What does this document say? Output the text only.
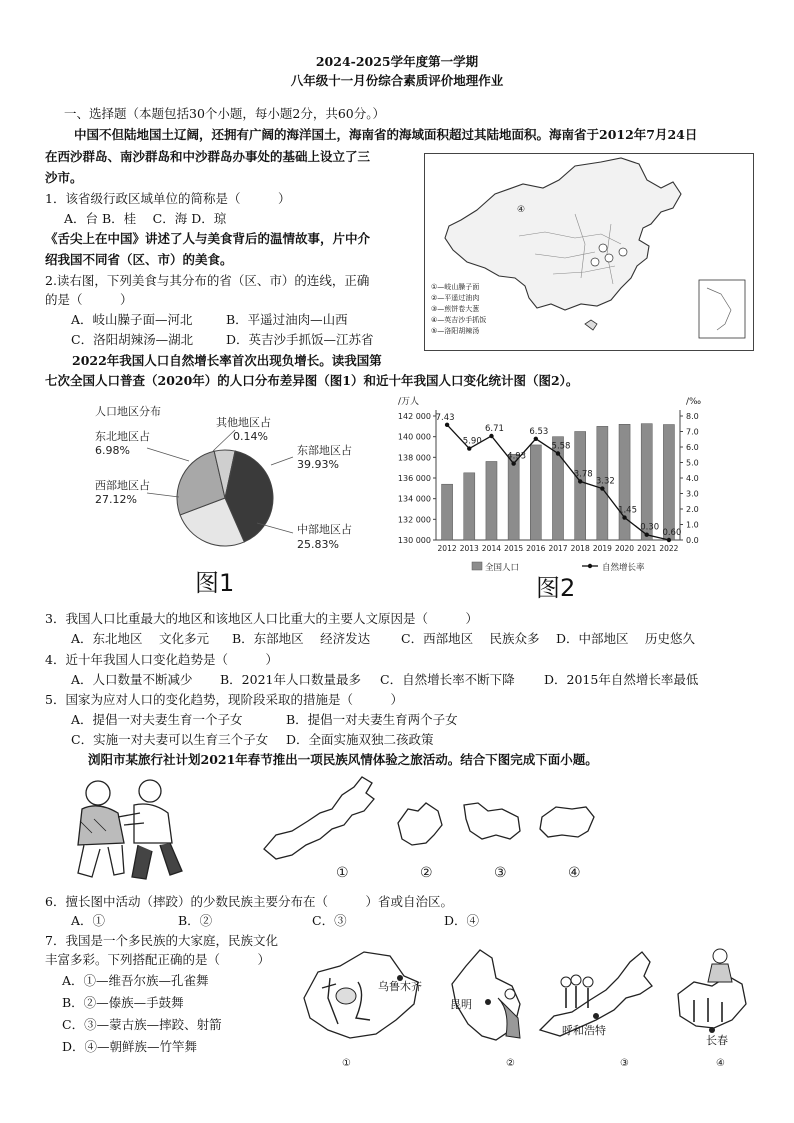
2024-2025学年度第一学期
八年级十一月份综合素质评价地理作业
一、选择题（本题包括30个小题，每小题2分，共60分。）
中国不但陆地国土辽阔，还拥有广阔的海洋国土，海南省的海域面积超过其陆地面积。海南省于2012年7月24日
在西沙群岛、南沙群岛和中沙群岛办事处的基础上设立了三
沙市。
1．该省级行政区域单位的简称是（　　　）
A．台 B．桂　 C．海 D．琼
《舌尖上在中国》讲述了人与美食背后的温情故事，片中介
绍我国不同省（区、市）的美食。
2.读右图，下列美食与其分布的省（区、市）的连线，正确
的是（　　　）
A．岐山臊子面—河北	B．平遥过油肉—山西
C．洛阳胡辣汤—湖北	D．英吉沙手抓饭—江苏省
2022年我国人口自然增长率首次出现负增长。读我国第
七次全国人口普查（2020年）的人口分布差异图（图1）和近十年我国人口变化统计图（图2）。
④
①—岐山臊子面
②—平遥过油肉
③—煎饼卷大葱
④—英吉沙手抓饭
⑤—洛阳胡辣汤
人口地区分布
其他地区占
0.14%
东北地区占
6.98%	东部地区占
39.93%
西部地区占
27.12%
中部地区占
25.83%
图1
/万人	/‰
130 000
132 000
134 000
136 000
138 000
140 000
142 000
0.0
1.0
2.0
3.0
4.0
5.0
6.0
7.0
8.0
2012 2013 2014 2015 2016 2017 2018 2019 2020 2021 2022
7.43
5.90
6.71
4.93
6.53
5.58
3.78
3.32
1.45
0.30
0.60
全国人口	自然增长率
图2
3．我国人口比重最大的地区和该地区人口比重大的主要人文原因是（　　　）
A．东北地区　 文化多元 B．东部地区　 经济发达 C．西部地区　 民族众多 D．中部地区　 历史悠久
4．近十年我国人口变化趋势是（　　　）
A．人口数量不断减少 B．2021年人口数量最多 C．自然增长率不断下降 D．2015年自然增长率最低
5．国家为应对人口的变化趋势，现阶段采取的措施是（　　　）
A．提倡一对夫妻生育一个子女	B．提倡一对夫妻生育两个子女
C．实施一对夫妻可以生育三个子女 D．全面实施双独二孩政策
浏阳市某旅行社计划2021年春节推出一项民族风情体验之旅活动。结合下图完成下面小题。
①	②	③	④
6．擅长图中活动（摔跤）的少数民族主要分布在（　　　）省或自治区。
A．①	B．②	C．③	D．④
7．我国是一个多民族的大家庭，民族文化
丰富多彩。下列搭配正确的是（　　　）
A．①—维吾尔族—孔雀舞
B．②—傣族—手鼓舞
C．③—蒙古族—摔跤、射箭
D．④—朝鲜族—竹竿舞
乌鲁木齐
①
昆明
②
呼和浩特
③
长春
④
